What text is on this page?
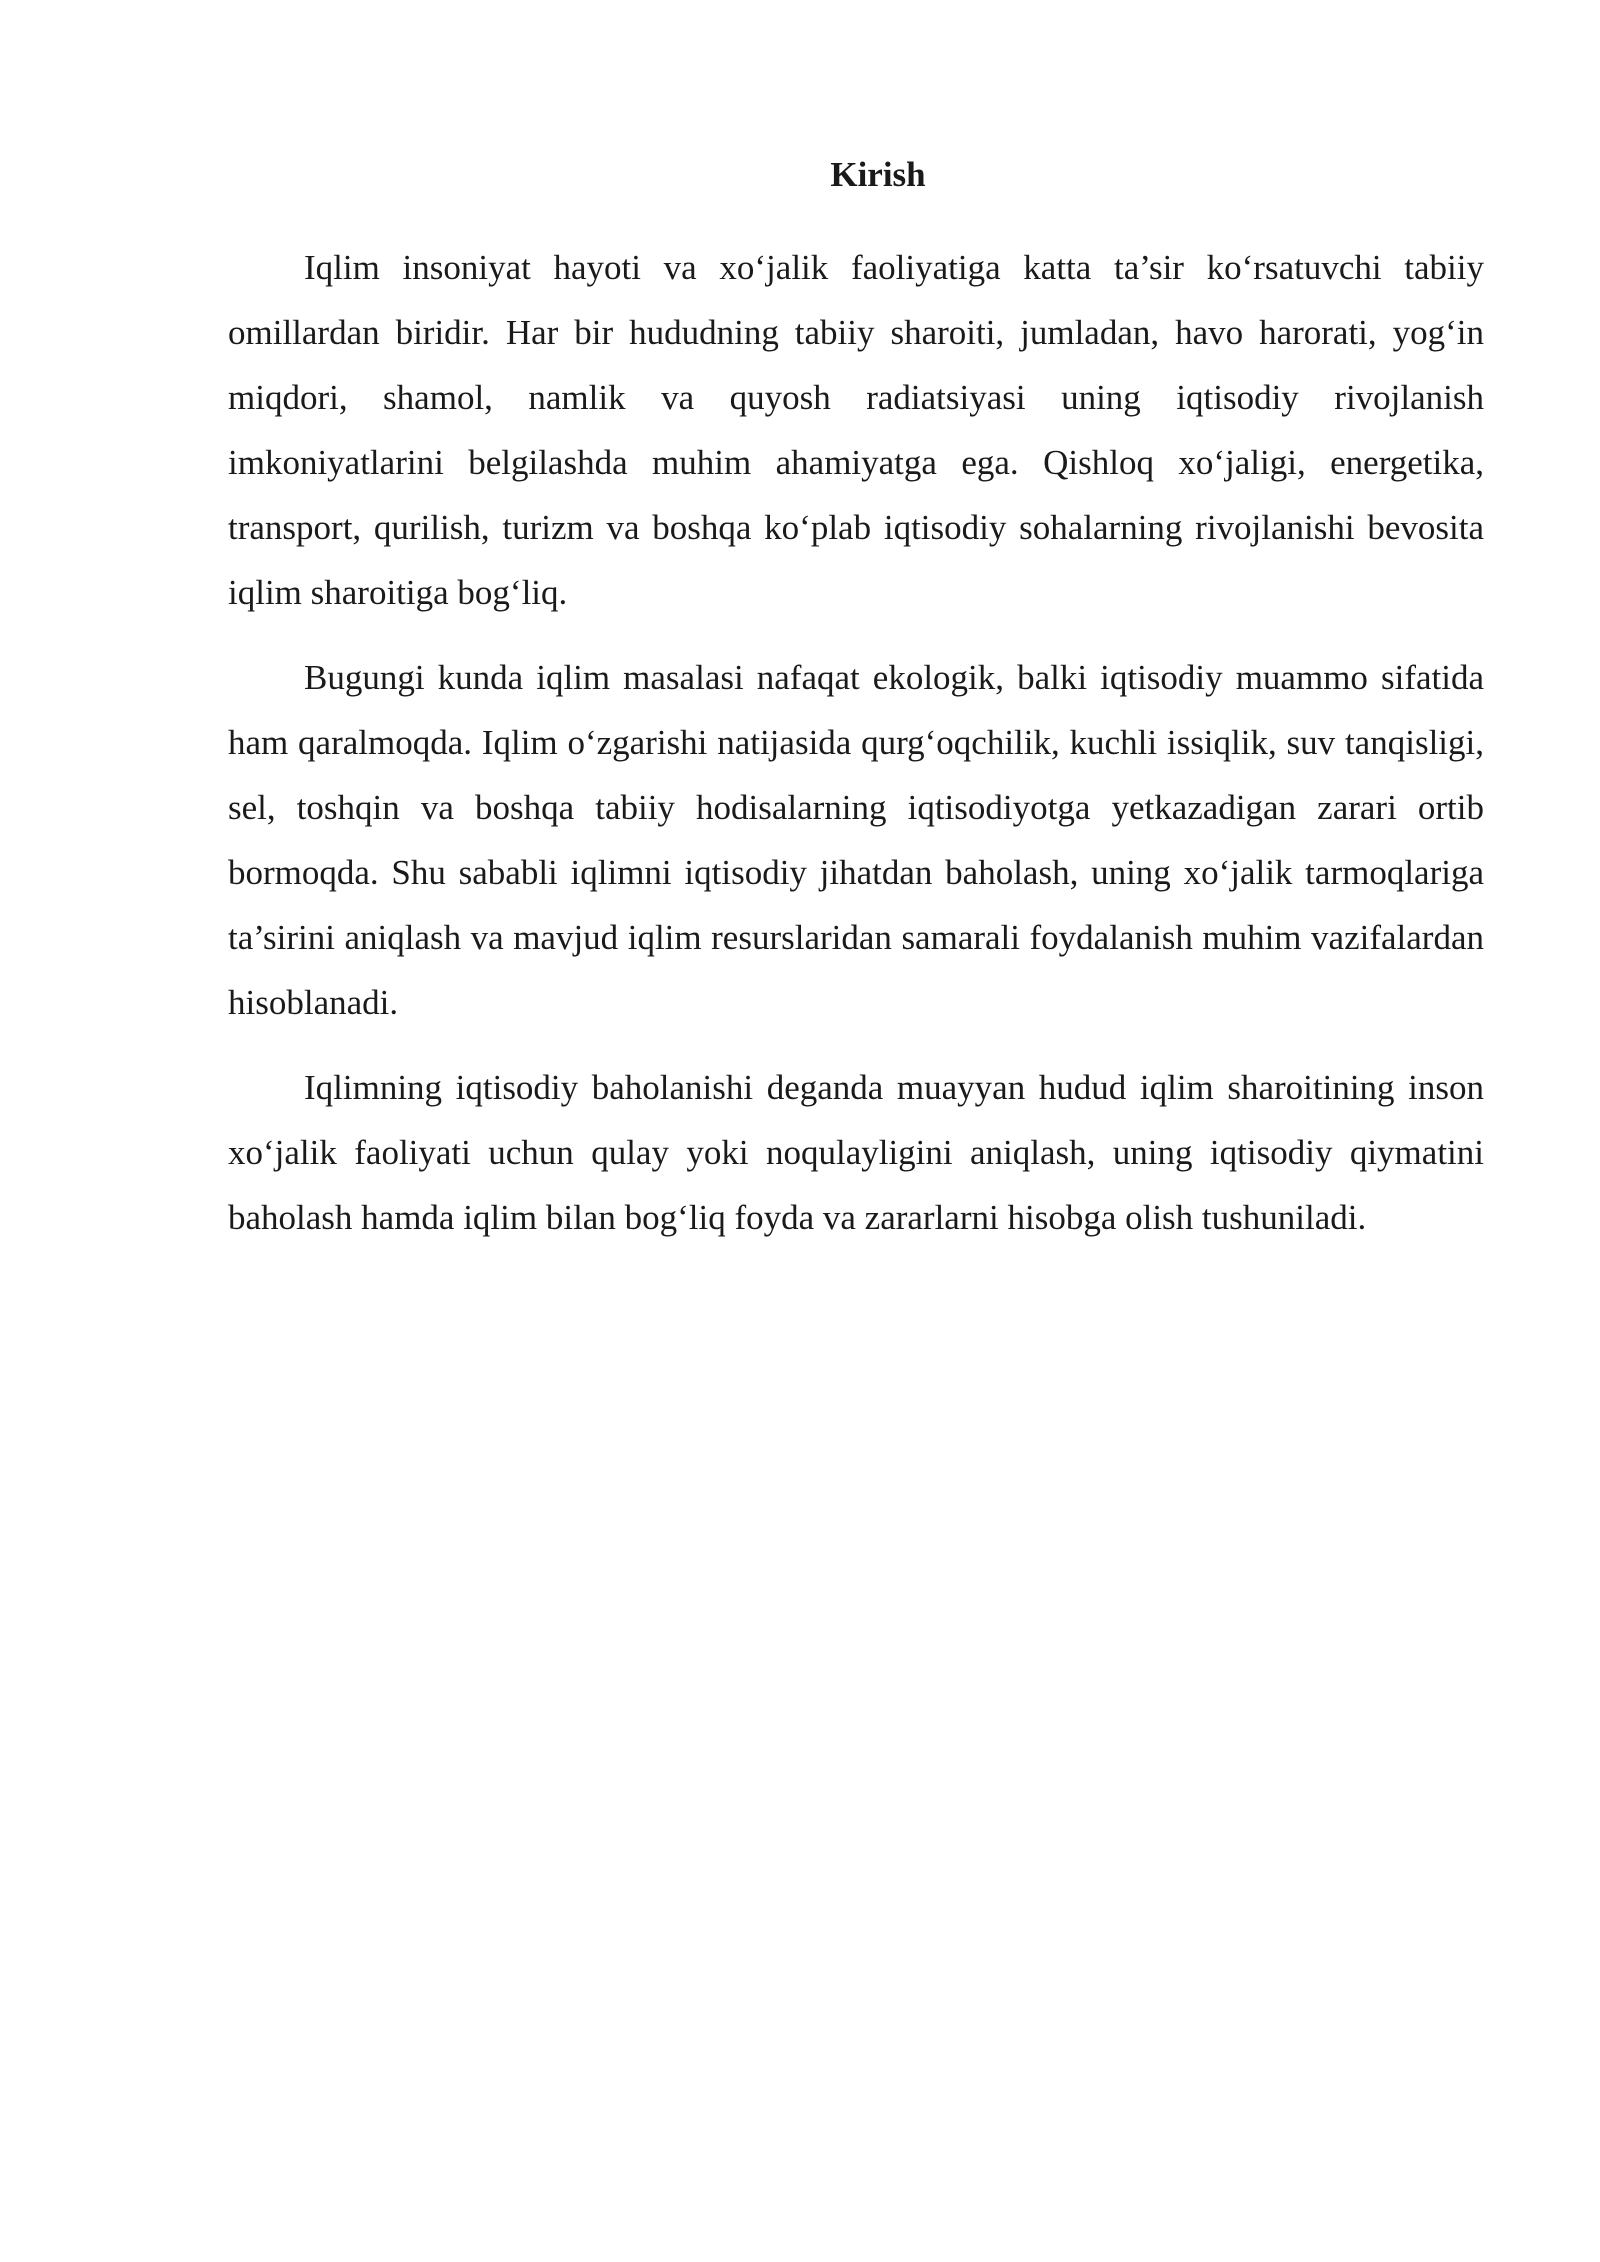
Kirish

Iqlim insoniyat hayoti va xo‘jalik faoliyatiga katta ta’sir ko‘rsatuvchi tabiiy omillardan biridir. Har bir hududning tabiiy sharoiti, jumladan, havo harorati, yog‘in miqdori, shamol, namlik va quyosh radiatsiyasi uning iqtisodiy rivojlanish imkoniyatlarini belgilashda muhim ahamiyatga ega. Qishloq xo‘jaligi, energetika, transport, qurilish, turizm va boshqa ko‘plab iqtisodiy sohalarning rivojlanishi bevosita iqlim sharoitiga bog‘liq.

Bugungi kunda iqlim masalasi nafaqat ekologik, balki iqtisodiy muammo sifatida ham qaralmoqda. Iqlim o‘zgarishi natijasida qurg‘oqchilik, kuchli issiqlik, suv tanqisligi, sel, toshqin va boshqa tabiiy hodisalarning iqtisodiyotga yetkazadigan zarari ortib bormoqda. Shu sababli iqlimni iqtisodiy jihatdan baholash, uning xo‘jalik tarmoqlariga ta’sirini aniqlash va mavjud iqlim resurslaridan samarali foydalanish muhim vazifalardan hisoblanadi.

Iqlimning iqtisodiy baholanishi deganda muayyan hudud iqlim sharoitining inson xo‘jalik faoliyati uchun qulay yoki noqulayligini aniqlash, uning iqtisodiy qiymatini baholash hamda iqlim bilan bog‘liq foyda va zararlarni hisobga olish tushuniladi.
